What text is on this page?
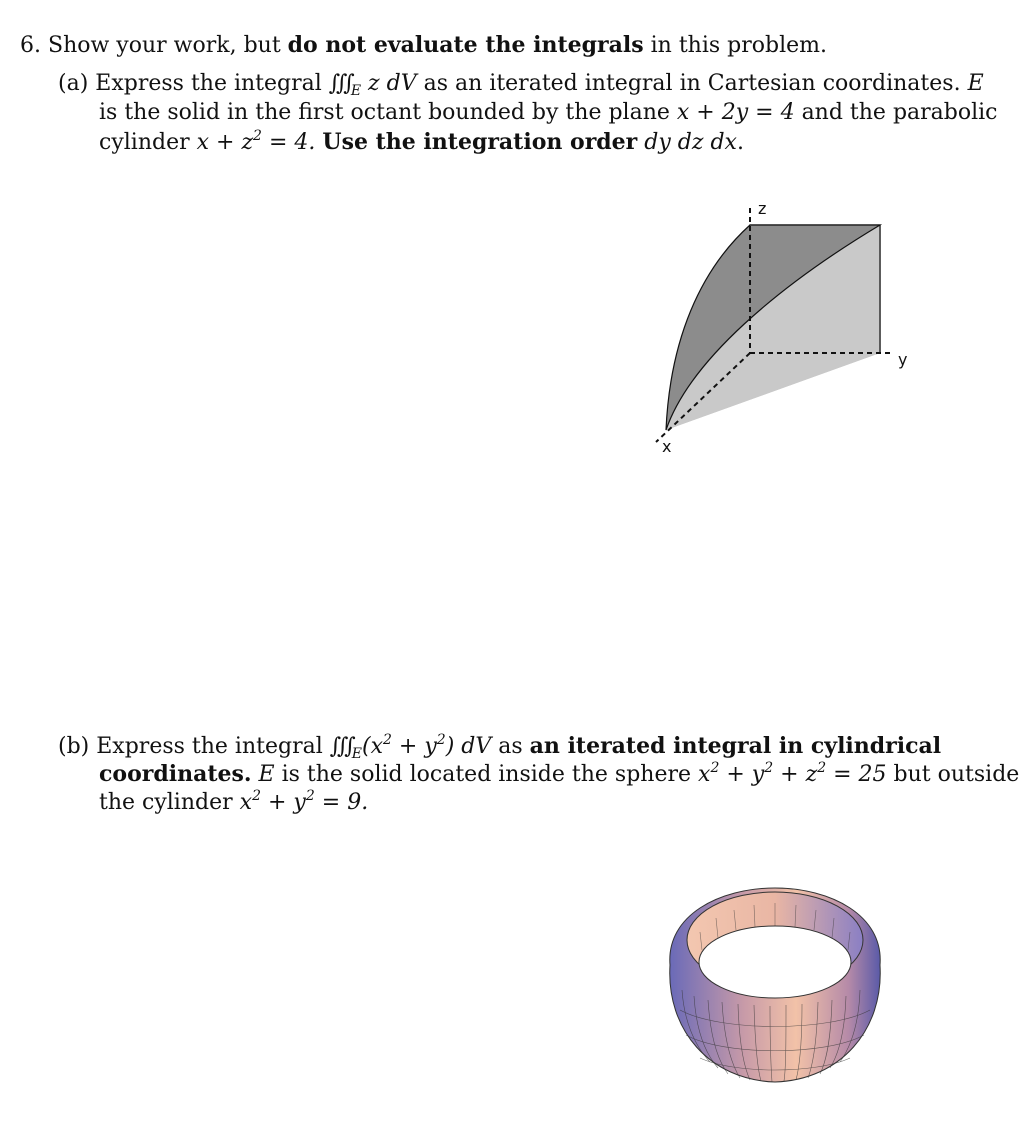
6. Show your work, but do not evaluate the integrals in this problem.
(a) Express the integral $∭_E$ z dV as an iterated integral in Cartesian coordinates. E
is the solid in the first octant bounded by the plane x + 2y = 4 and the parabolic
cylinder $x + z^2 = 4$. Use the integration order dy dz dx.
z
y
x
(b) Express the integral $∭_E(x^2 + y^2)$ dV as an iterated integral in cylindrical
coordinates. E is the solid located inside the sphere $x^2 + y^2 + z^2 = 25$ but outside
the cylinder $x^2 + y^2 = 9$.
